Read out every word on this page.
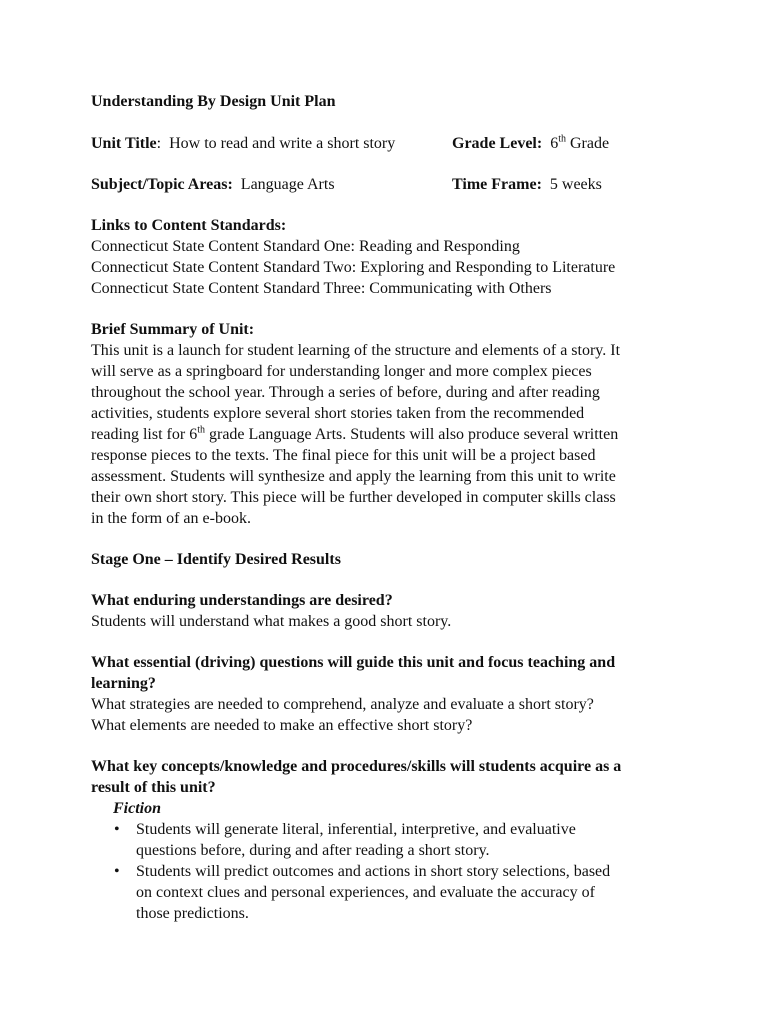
Understanding By Design Unit Plan
Unit Title:  How to read and write a short story	Grade Level: 6th Grade
Subject/Topic Areas: Language Arts	Time Frame: 5 weeks
Links to Content Standards:
Connecticut State Content Standard One: Reading and Responding
Connecticut State Content Standard Two: Exploring and Responding to Literature
Connecticut State Content Standard Three: Communicating with Others
Brief Summary of Unit:
This unit is a launch for student learning of the structure and elements of a story. It
will serve as a springboard for understanding longer and more complex pieces
throughout the school year. Through a series of before, during and after reading
activities, students explore several short stories taken from the recommended
reading list for 6th grade Language Arts. Students will also produce several written
response pieces to the texts. The final piece for this unit will be a project based
assessment. Students will synthesize and apply the learning from this unit to write
their own short story. This piece will be further developed in computer skills class
in the form of an e-book.
Stage One – Identify Desired Results
What enduring understandings are desired?
Students will understand what makes a good short story.
What essential (driving) questions will guide this unit and focus teaching and
learning?
What strategies are needed to comprehend, analyze and evaluate a short story?
What elements are needed to make an effective short story?
What key concepts/knowledge and procedures/skills will students acquire as a
result of this unit?
Fiction
• Students will generate literal, inferential, interpretive, and evaluative
questions before, during and after reading a short story.
• Students will predict outcomes and actions in short story selections, based
on context clues and personal experiences, and evaluate the accuracy of
those predictions.
